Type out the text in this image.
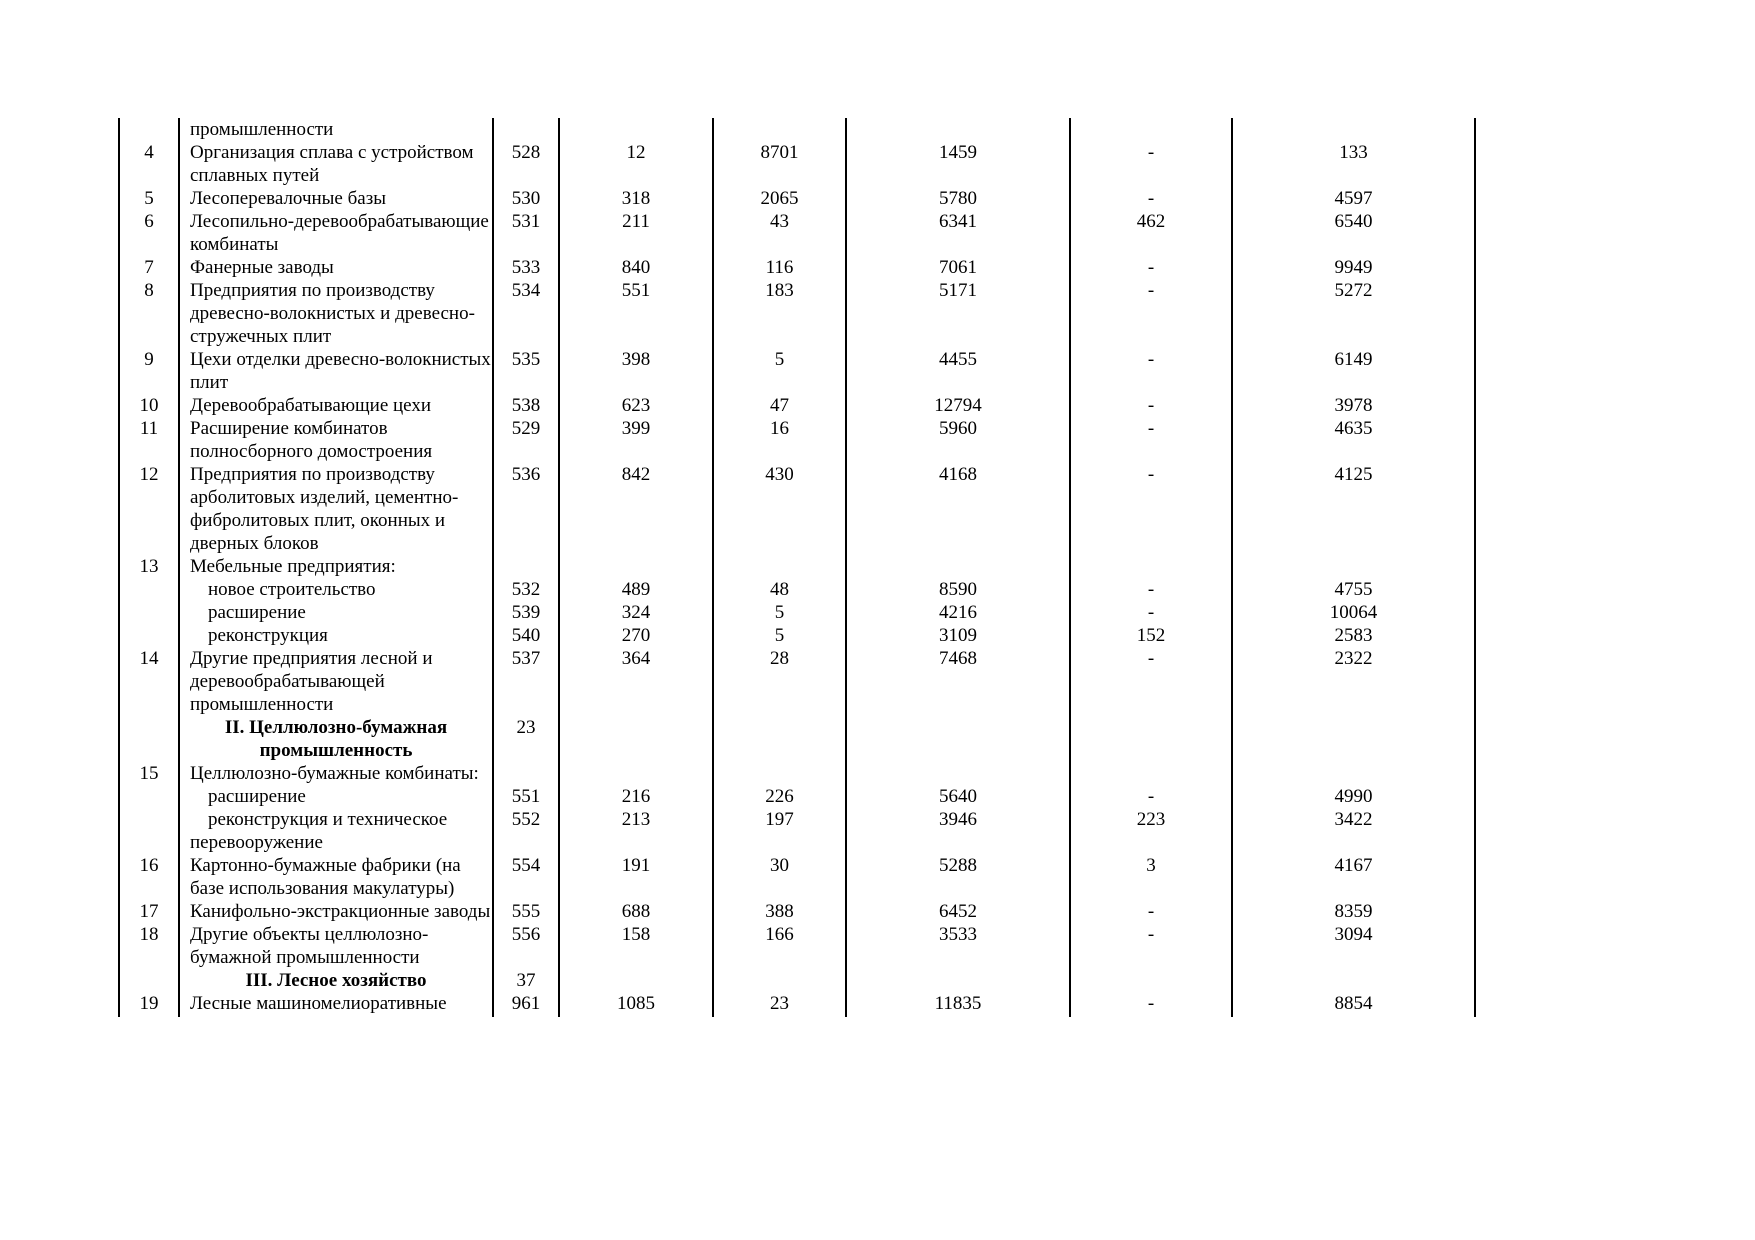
	промышленности						
4	Организация сплава с устройством сплавных путей	528	12	8701	1459	-	133
5	Лесоперевалочные базы	530	318	2065	5780	-	4597
6	Лесопильно-деревообрабатывающие комбинаты	531	211	43	6341	462	6540
7	Фанерные заводы	533	840	116	7061	-	9949
8	Предприятия по производству древесно-волокнистых и древесно-стружечных плит	534	551	183	5171	-	5272
9	Цехи отделки древесно-волокнистых плит	535	398	5	4455	-	6149
10	Деревообрабатывающие цехи	538	623	47	12794	-	3978
11	Расширение комбинатов полносборного домостроения	529	399	16	5960	-	4635
12	Предприятия по производству арболитовых изделий, цементно-фибролитовых плит, оконных и дверных блоков	536	842	430	4168	-	4125
13	Мебельные предприятия:						
	новое строительство	532	489	48	8590	-	4755
	расширение	539	324	5	4216	-	10064
	реконструкция	540	270	5	3109	152	2583
14	Другие предприятия лесной и деревообрабатывающей промышленности	537	364	28	7468	-	2322
	II. Целлюлозно-бумажная промышленность	23					
15	Целлюлозно-бумажные комбинаты:						
	расширение	551	216	226	5640	-	4990
	реконструкция и техническое	552	213	197	3946	223	3422
	перевооружение						
16	Картонно-бумажные фабрики (на базе использования макулатуры)	554	191	30	5288	3	4167
17	Канифольно-экстракционные заводы	555	688	388	6452	-	8359
18	Другие объекты целлюлозно-бумажной промышленности	556	158	166	3533	-	3094
	III. Лесное хозяйство	37					
19	Лесные машиномелиоративные	961	1085	23	11835	-	8854
